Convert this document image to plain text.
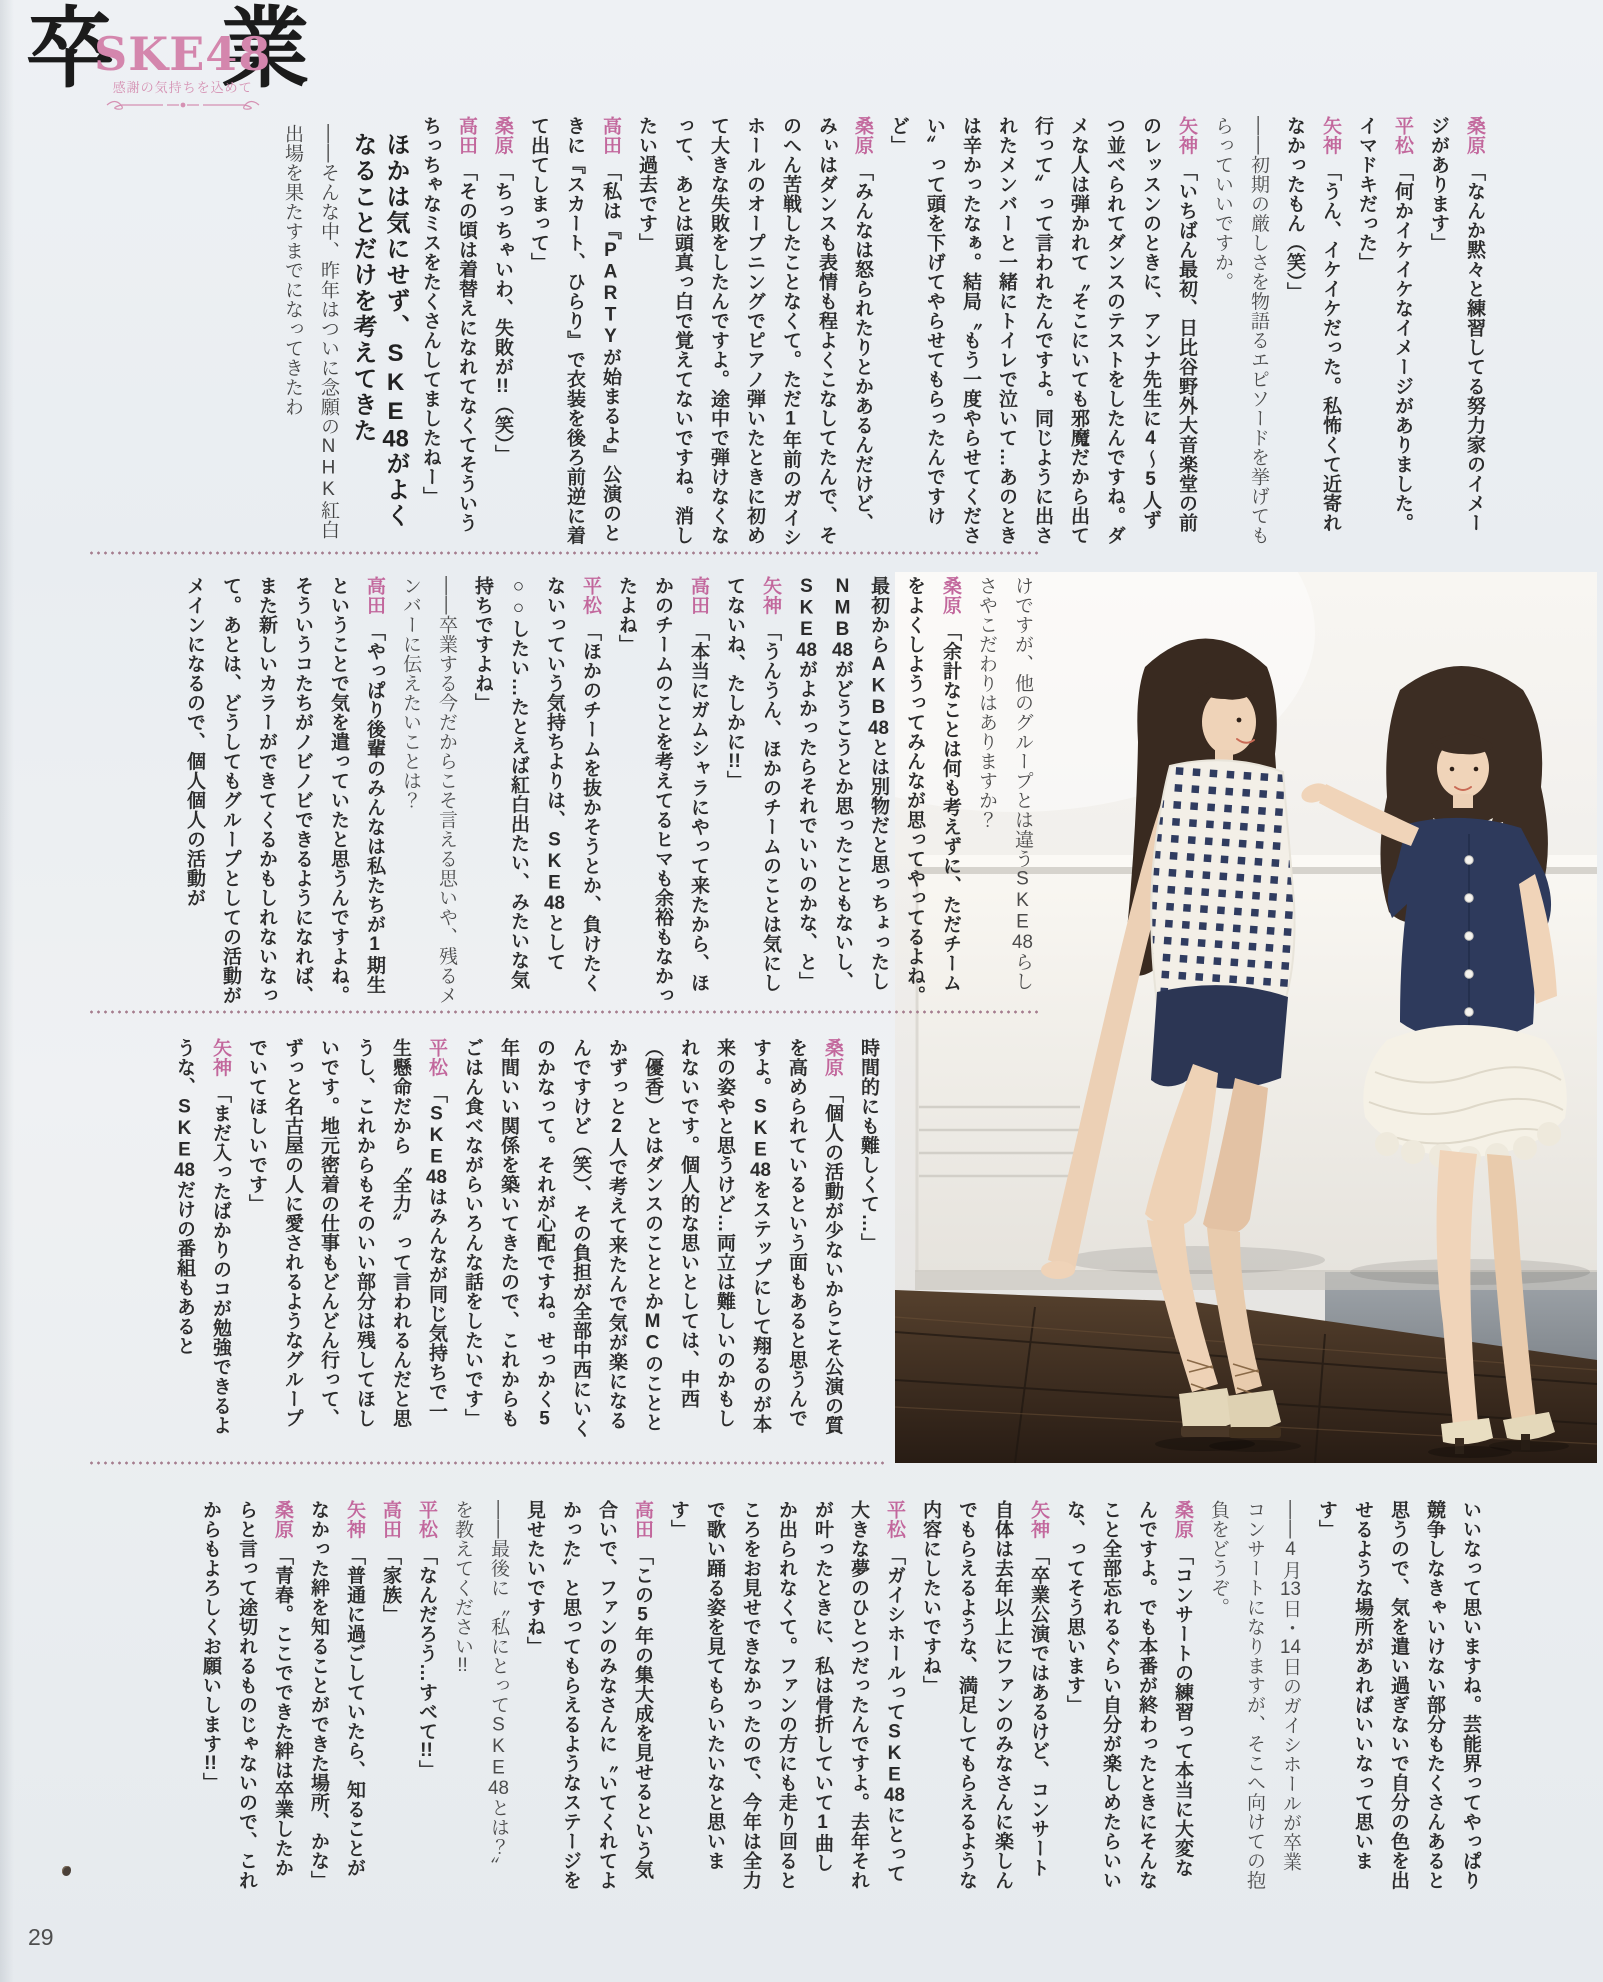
卒
SKE48
感謝の気持ちを込めて
業

桑原「なんか黙々と練習してる努力家のイメージがあります」

平松「何かイケイケなイメージがありました。イマドキだった」

矢神「うん、イケイケだった。私怖くて近寄れなかったもん（笑）」

——初期の厳しさを物語るエピソードを挙げてもらっていいですか。

矢神「いちばん最初、日比谷野外大音楽堂の前のレッスンのときに、アンナ先生に4〜5人ずつ並べられてダンスのテストをしたんですね。ダメな人は弾かれて〝そこにいても邪魔だから出て行って〟って言われたんですよ。同じように出されたメンバーと一緒にトイレで泣いて…あのときは辛かったなぁ。結局〝もう一度やらせてください〟って頭を下げてやらせてもらったんですけど」

桑原「みんなは怒られたりとかあるんだけど、みぃはダンスも表情も程よくこなしてたんで、そのへん苦戦したことなくて。ただ1年前のガイシホールのオープニングでピアノ弾いたときに初めて大きな失敗をしたんですよ。途中で弾けなくなって、あとは頭真っ白で覚えてないですね。消したい過去です」

高田「私は『PARTYが始まるよ』公演のときに『スカート、ひらり』で衣装を後ろ前逆に着て出てしまって」

桑原「ちっちゃいわ、失敗が!!（笑）」

高田「その頃は着替えになれてなくてそういうちっちゃなミスをたくさんしてましたねー」

ほかは気にせず、SKE48がよくなることだけを考えてきた

——そんな中、昨年はついに念願のNHK紅白出場を果たすまでになってきたわ

けですが、他のグループとは違うSKE48らしさやこだわりはありますか？

桑原「余計なことは何も考えずに、ただチームをよくしようってみんなが思ってやってるよね。最初からAKB48とは別物だと思っちょったしNMB48がどうこうとか思ったこともないし、SKE48がよかったらそれでいいのかな、と」

矢神「うんうん、ほかのチームのことは気にしてないね、たしかに!!」

高田「本当にガムシャラにやって来たから、ほかのチームのことを考えてるヒマも余裕もなかったよね」

平松「ほかのチームを抜かそうとか、負けたくないっていう気持ちよりは、SKE48として○○したい…たとえば紅白出たい、みたいな気持ちですよね」

——卒業する今だからこそ言える思いや、残るメンバーに伝えたいことは？

高田「やっぱり後輩のみんなは私たちが1期生ということで気を遣っていたと思うんですよね。そういうコたちがノビノビできるようになれば、また新しいカラーができてくるかもしれないなって。あとは、どうしてもグループとしての活動がメインになるので、個人個人の活動が

時間的にも難しくて…」

桑原「個人の活動が少ないからこそ公演の質を高められているという面もあると思うんですよ。SKE48をステップにして翔るのが本来の姿やと思うけど…両立は難しいのかもしれないです。個人的な思いとしては、中西（優香）とはダンスのこととかMCのこととかずっと2人で考えて来たんで気が楽になるんですけど（笑）、その負担が全部中西にいくのかなって。それが心配ですね。せっかく5年間いい関係を築いてきたので、これからもごはん食べながらいろんな話をしたいです」

平松「SKE48はみんなが同じ気持ちで一生懸命だから〝全力〟って言われるんだと思うし、これからもそのいい部分は残してほしいです。地元密着の仕事もどんどん行って、ずっと名古屋の人に愛されるようなグループでいてほしいです」

矢神「まだ入ったばかりのコが勉強できるような、SKE48だけの番組もあると

いいなって思いますね。芸能界ってやっぱり競争しなきゃいけない部分もたくさんあると思うので、気を遣い過ぎないで自分の色を出せるような場所があればいいなって思います」

——4月13日・14日のガイシホールが卒業コンサートになりますが、そこへ向けての抱負をどうぞ。

桑原「コンサートの練習って本当に大変なんですよ。でも本番が終わったときにそんなこと全部忘れるぐらい自分が楽しめたらいいな、ってそう思います」

矢神「卒業公演ではあるけど、コンサート自体は去年以上にファンのみなさんに楽しんでもらえるような、満足してもらえるような内容にしたいですね」

平松「ガイシホールってSKE48にとって大きな夢のひとつだったんですよ。去年それが叶ったときに、私は骨折していて1曲しか出られなくて。ファンの方にも走り回るところをお見せできなかったので、今年は全力で歌い踊る姿を見てもらいたいなと思います」

高田「この5年の集大成を見せるという気合いで、ファンのみなさんに〝いてくれてよかった〟と思ってもらえるようなステージを見せたいですね」

——最後に〝私にとってSKE48とは？〟を教えてください!!

平松「なんだろう…すべて!!」

高田「家族」

矢神「普通に過ごしていたら、知ることがなかった絆を知ることができた場所、かな」

桑原「青春。ここでできた絆は卒業したからと言って途切れるものじゃないので、これからもよろしくお願いします!!」

29
